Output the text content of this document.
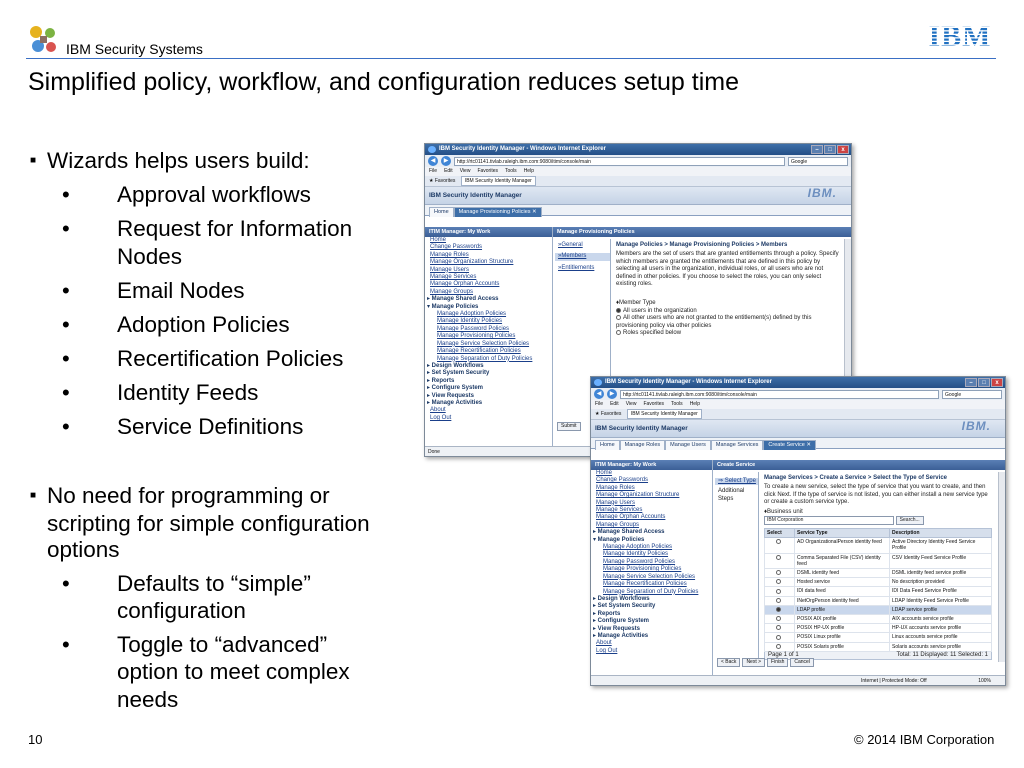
IBM Security Systems	IBM
Simplified policy, workflow, and configuration reduces setup time
■ Wizards helps users build:
• Approval workflows
• Request for Information
Nodes
• Email Nodes
• Adoption Policies
• Recertification Policies
• Identity Feeds
• Service Definitions
■ No need for programming or
scripting for simple configuration
options
• Defaults to “simple”
configuration
• Toggle to “advanced”
option to meet complex
needs
10	© 2014 IBM Corporation
IBM Security Identity Manager - Windows Internet Explorer	– □ x
◀	▶	http://rtc01141.tivlab.raleigh.ibm.com:9080/itim/console/main	Google
File Edit View Favorites Tools Help
★ Favorites IBM Security Identity Manager
IBM Security Identity Manager	IBM.
Home Manage Provisioning Policies ✕
ITIM Manager: My Work
Home
Change Passwords
Manage Roles
Manage Organization Structure
Manage Users
Manage Services
Manage Orphan Accounts
Manage Groups
▸ Manage Shared Access
▾ Manage Policies
Manage Adoption Policies
Manage Identity Policies
Manage Password Policies
Manage Provisioning Policies
Manage Service Selection Policies
Manage Recertification Policies
Manage Separation of Duty Policies
▸ Design Workflows
▸ Set System Security
▸ Reports
▸ Configure System
▸ View Requests
▸ Manage Activities
About
Log Out
Manage Provisioning Policies
»General
»Members
»Entitlements
Manage Policies > Manage Provisioning Policies > Members
Members are the set of users that are granted entitlements through a policy. Specify which members are granted the entitlements that are defined in this policy by selecting all users in the organization, individual roles, or all users who are not defined in other policies. If you choose to select the roles, you can only select existing roles.
♦Member Type
All users in the organization
All other users who are not granted to the entitlement(s) defined by this provisioning policy via other policies
Roles specified below
Submit
Done
IBM Security Identity Manager - Windows Internet Explorer	– □ x
◀	▶	http://rtc01141.tivlab.raleigh.ibm.com:9080/itim/console/main	Google
File Edit View Favorites Tools Help
★ Favorites IBM Security Identity Manager
IBM Security Identity Manager	IBM.
Home Manage Roles Manage Users Manage Services Create Service ✕
ITIM Manager: My Work
Home
Change Passwords
Manage Roles
Manage Organization Structure
Manage Users
Manage Services
Manage Orphan Accounts
Manage Groups
▸ Manage Shared Access
▾ Manage Policies
Manage Adoption Policies
Manage Identity Policies
Manage Password Policies
Manage Provisioning Policies
Manage Service Selection Policies
Manage Recertification Policies
Manage Separation of Duty Policies
▸ Design Workflows
▸ Set System Security
▸ Reports
▸ Configure System
▸ View Requests
▸ Manage Activities
About
Log Out
Create Service
⇒ Select Type
Additional
Steps
Manage Services > Create a Service > Select the Type of Service
To create a new service, select the type of service that you want to create, and then click Next. If the type of service is not listed, you can either install a new service type or create a custom service type.
♦Business unit
IBM Corporation	Search...
Select	Service Type	Description
	AD OrganizationalPerson identity feed	Active Directory Identity Feed Service Profile
	Comma Separated File (CSV) identity feed	CSV Identity Feed Service Profile
	DSML identity feed	DSML identity feed service profile
	Hosted service	No description provided
	IDI data feed	IDI Data Feed Service Profile
	INetOrgPerson identity feed	LDAP Identity Feed Service Profile
	LDAP profile	LDAP service profile
	POSIX AIX profile	AIX accounts service profile
	POSIX HP-UX profile	HP-UX accounts service profile
	POSIX Linux profile	Linux accounts service profile
	POSIX Solaris profile	Solaris accounts service profile
Page 1 of 1	Total: 11 Displayed: 11 Selected: 1
< Back Next > Finish Cancel
Internet | Protected Mode: Off	100%
